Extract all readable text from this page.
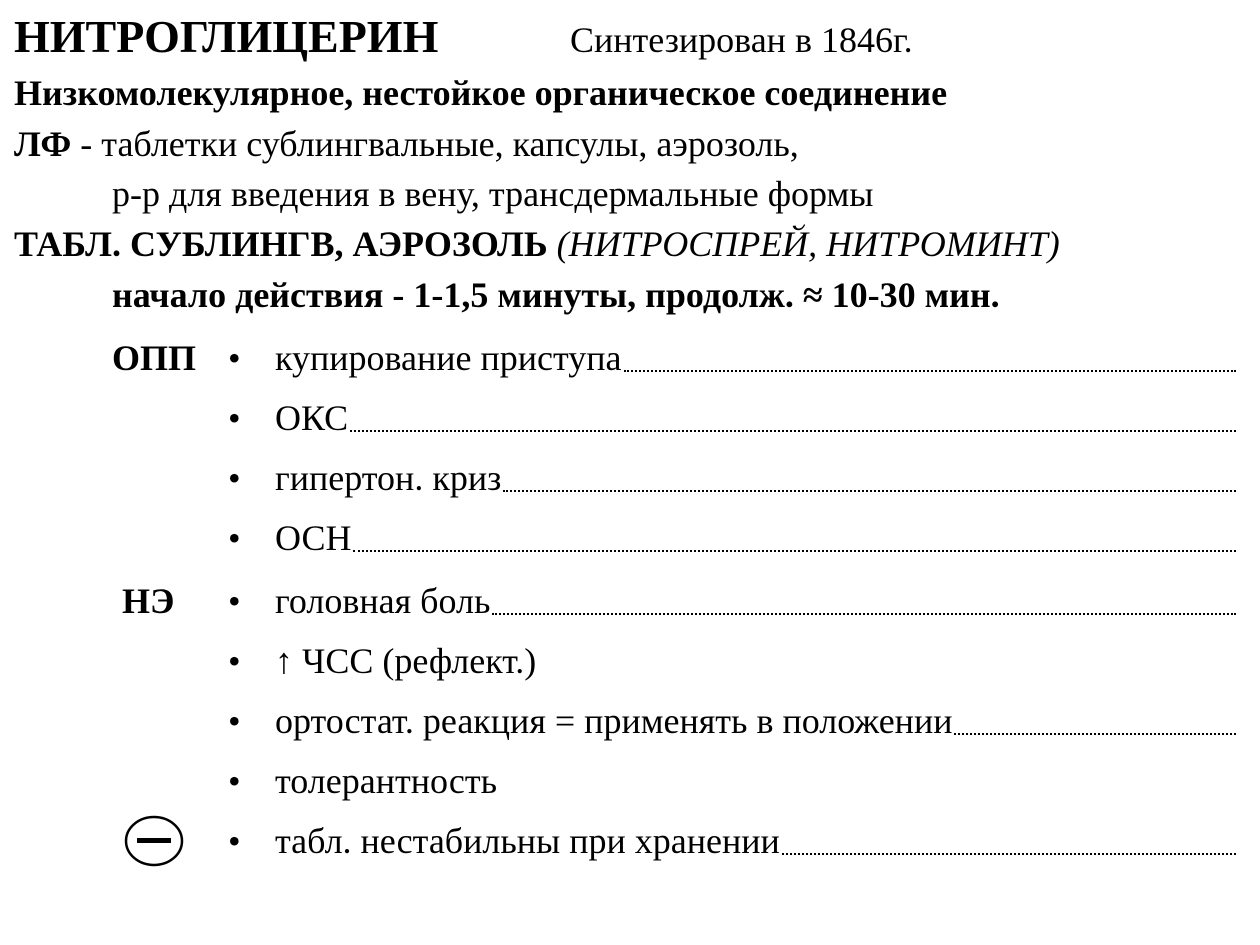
НИТРОГЛИЦЕРИН	Синтезирован в 1846г.
Низкомолекулярное, нестойкое органическое соединение
ЛФ - таблетки сублингвальные, капсулы, аэрозоль,
р-р для введения в вену, трансдермальные формы
ТАБЛ. СУБЛИНГВ, АЭРОЗОЛЬ (НИТРОСПРЕЙ, НИТРОМИНТ)
начало действия - 1-1,5 минуты, продолж. ≈ 10-30 мин.
ОПП
НЭ
• купирование приступа
• ОКС
• гипертон. криз
• ОСН
• головная боль
• ↑ ЧСС (рефлект.)
• ортостат. реакция = применять в положении
• толерантность
• табл. нестабильны при хранении
